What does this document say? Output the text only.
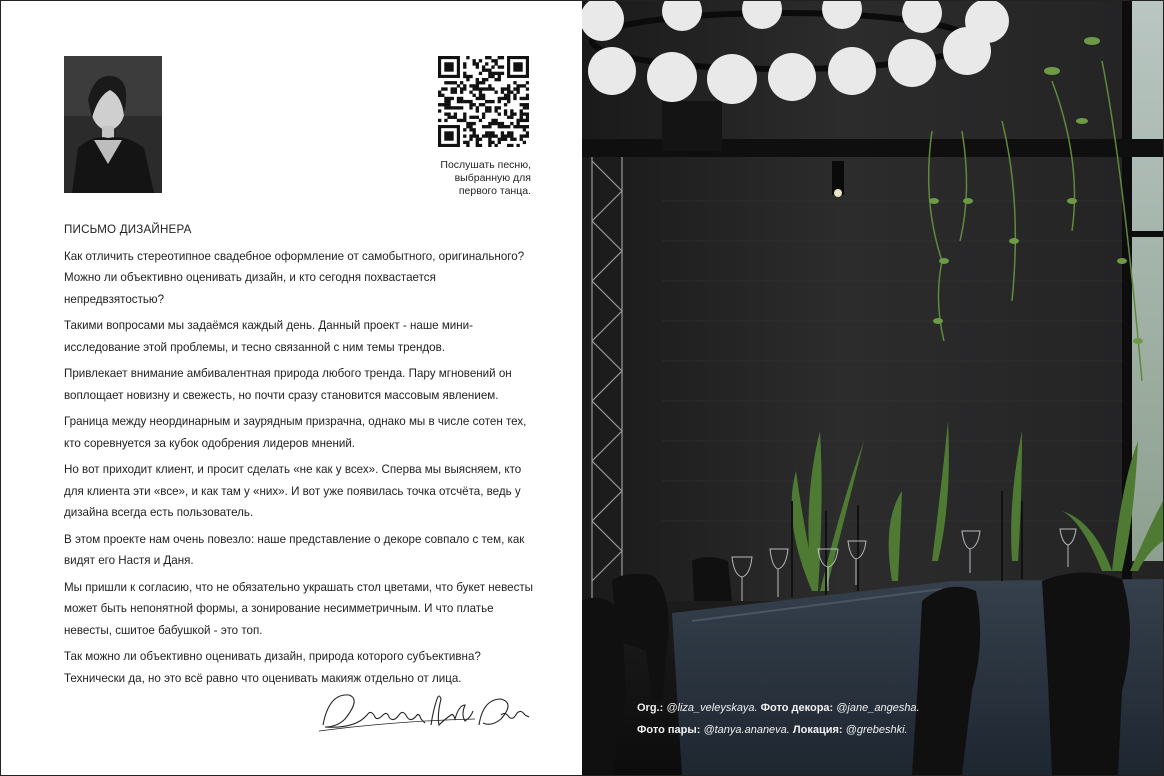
Послушать песню,
выбранную для
первого танца.
ПИСЬМО ДИЗАЙНЕРА

Как отличить стереотипное свадебное оформление от самобытного, оригинального? Можно ли объективно оценивать дизайн, и кто сегодня похвастается непредвзятостью?

Такими вопросами мы задаёмся каждый день. Данный проект - наше мини-исследование этой проблемы, и тесно связанной с ним темы трендов.

Привлекает внимание амбивалентная природа любого тренда. Пару мгновений он воплощает новизну и свежесть, но почти сразу становится массовым явлением.

Граница между неординарным и заурядным призрачна, однако мы в числе сотен тех, кто соревнуется за кубок одобрения лидеров мнений.

Но вот приходит клиент, и просит сделать «не как у всех». Сперва мы выясняем, кто для клиента эти «все», и как там у «них». И вот уже появилась точка отсчёта, ведь у дизайна всегда есть пользователь.

В этом проекте нам очень повезло: наше представление о декоре совпало с тем, как видят его Настя и Даня.

Мы пришли к согласию, что не обязательно украшать стол цветами, что букет невесты может быть непонятной формы, а зонирование несимметричным. И что платье невесты, сшитое бабушкой - это топ.

Так можно ли объективно оценивать дизайн, природа которого субъективна? Технически да, но это всё равно что оценивать макияж отдельно от лица.

Org.: @liza_veleyskaya. Фото декора: @jane_angesha.
Фото пары: @tanya.ananeva. Локация: @grebeshki.
